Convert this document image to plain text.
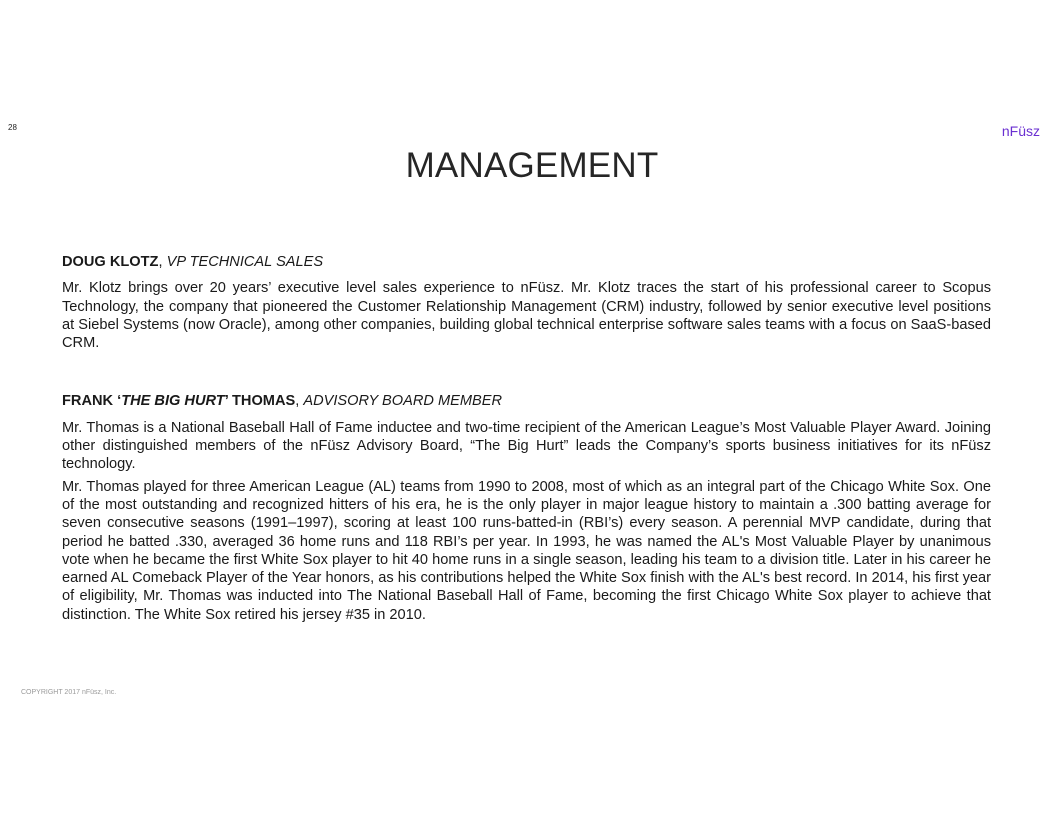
28	nFüsz
MANAGEMENT

DOUG KLOTZ, VP TECHNICAL SALES

Mr. Klotz brings over 20 years’ executive level sales experience to nFüsz. Mr. Klotz traces the start of his professional career to Scopus Technology, the company that pioneered the Customer Relationship Management (CRM) industry, followed by senior executive level positions at Siebel Systems (now Oracle), among other companies, building global technical enterprise software sales teams with a focus on SaaS-based CRM.

FRANK ‘THE BIG HURT’ THOMAS, ADVISORY BOARD MEMBER

Mr. Thomas is a National Baseball Hall of Fame inductee and two-time recipient of the American League’s Most Valuable Player Award. Joining other distinguished members of the nFüsz Advisory Board, “The Big Hurt” leads the Company’s sports business initiatives for its nFüsz technology.

Mr. Thomas played for three American League (AL) teams from 1990 to 2008, most of which as an integral part of the Chicago White Sox. One of the most outstanding and recognized hitters of his era, he is the only player in major league history to maintain a .300 batting average for seven consecutive seasons (1991–1997), scoring at least 100 runs-batted-in (RBI’s) every season. A perennial MVP candidate, during that period he batted .330, averaged 36 home runs and 118 RBI’s per year. In 1993, he was named the AL's Most Valuable Player by unanimous vote when he became the first White Sox player to hit 40 home runs in a single season, leading his team to a division title. Later in his career he earned AL Comeback Player of the Year honors, as his contributions helped the White Sox finish with the AL's best record. In 2014, his first year of eligibility, Mr. Thomas was inducted into The National Baseball Hall of Fame, becoming the first Chicago White Sox player to achieve that distinction. The White Sox retired his jersey #35 in 2010.

COPYRIGHT 2017 nFüsz, Inc.
